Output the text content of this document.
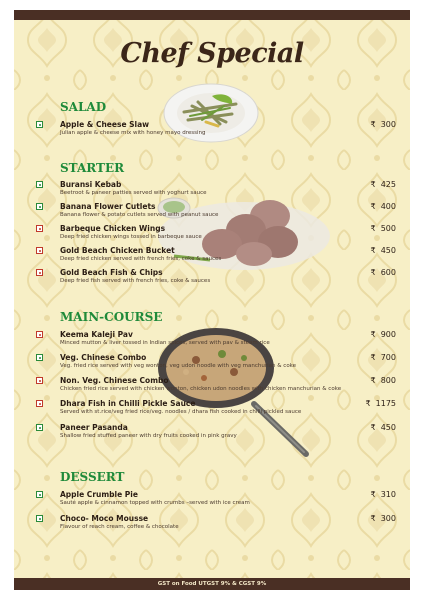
Chef Special
SALAD
Apple & Cheese Slaw
Julian apple & cheese mix with honey mayo dressing
₹ 300
STARTER
Buransi Kebab
Beetroot & paneer patties served with yoghurt sauce
₹ 425
Banana Flower Cutlets
Banana flower & potato cutlets served with peanut sauce
₹ 400
Barbeque Chicken Wings
Deep fried chicken wings tossed in barbeque sauce
₹ 500
Gold Beach Chicken Bucket
Deep fried chicken served with french fries, coke & sauces
₹ 450
Gold Beach Fish & Chips
Deep fried fish served with french fries, coke & sauces
₹ 600
MAIN-COURSE
Keema Kaleji Pav
Minced mutton & liver tossed in Indian spices, served with pav & steam rice
₹ 900
Veg. Chinese Combo
Veg. fried rice served with veg wonton, veg udon noodle with veg manchurian & coke
₹ 700
Non. Veg. Chinese Combo
Chicken fried rice served with chicken wonton, chicken udon noodles with chicken manchurian & coke
₹ 800
Dhara Fish in Chilli Pickle Sauce
Served with st.rice/veg fried rice/veg. noodles / dhara fish cooked in chilli pickled sauce
₹ 1175
Paneer Pasanda
Shallow fried stuffed paneer with dry fruits cooked in pink gravy
₹ 450
DESSERT
Apple Crumble Pie
Sauté apple & cinnamon topped with crumbs –served with ice cream
₹ 310
Choco- Moco Mousse
Flavour of reach cream, coffee & chocolate
₹ 300
GST on Food UTGST 9% & CGST 9%
